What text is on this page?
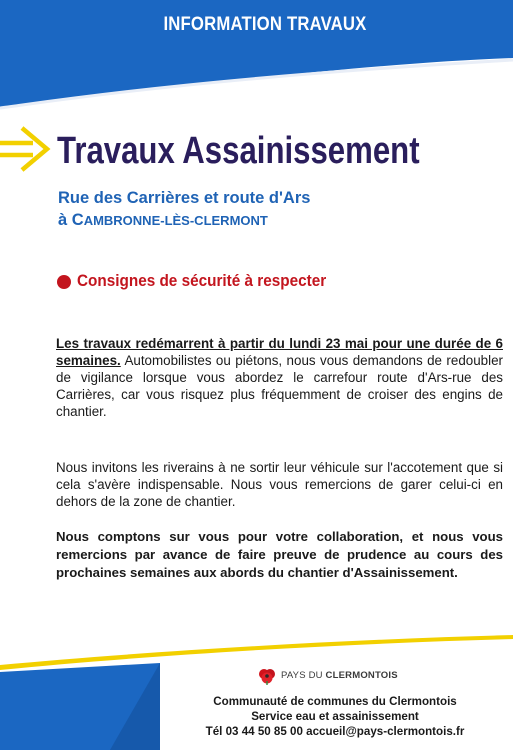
INFORMATION TRAVAUX
Travaux Assainissement
Rue des Carrières et route d'Ars
à CAMBRONNE-LÈS-CLERMONT
Consignes de sécurité à respecter
Les travaux redémarrent à partir du lundi 23 mai pour une durée de 6 semaines. Automobilistes ou piétons, nous vous demandons de redoubler de vigilance lorsque vous abordez le carrefour route d'Ars-rue des Carrières, car vous risquez plus fréquemment de croiser des engins de chantier.
Nous invitons les riverains à ne sortir leur véhicule sur l'accotement que si cela s'avère indispensable. Nous vous remercions de garer celui-ci en dehors de la zone de chantier.
Nous comptons sur vous pour votre collaboration, et nous vous remercions par avance de faire preuve de prudence au cours des prochaines semaines aux abords du chantier d'Assainissement.
PAYS DU CLERMONTOIS
Communauté de communes du Clermontois
Service eau et assainissement
Tél 03 44 50 85 00 accueil@pays-clermontois.fr
